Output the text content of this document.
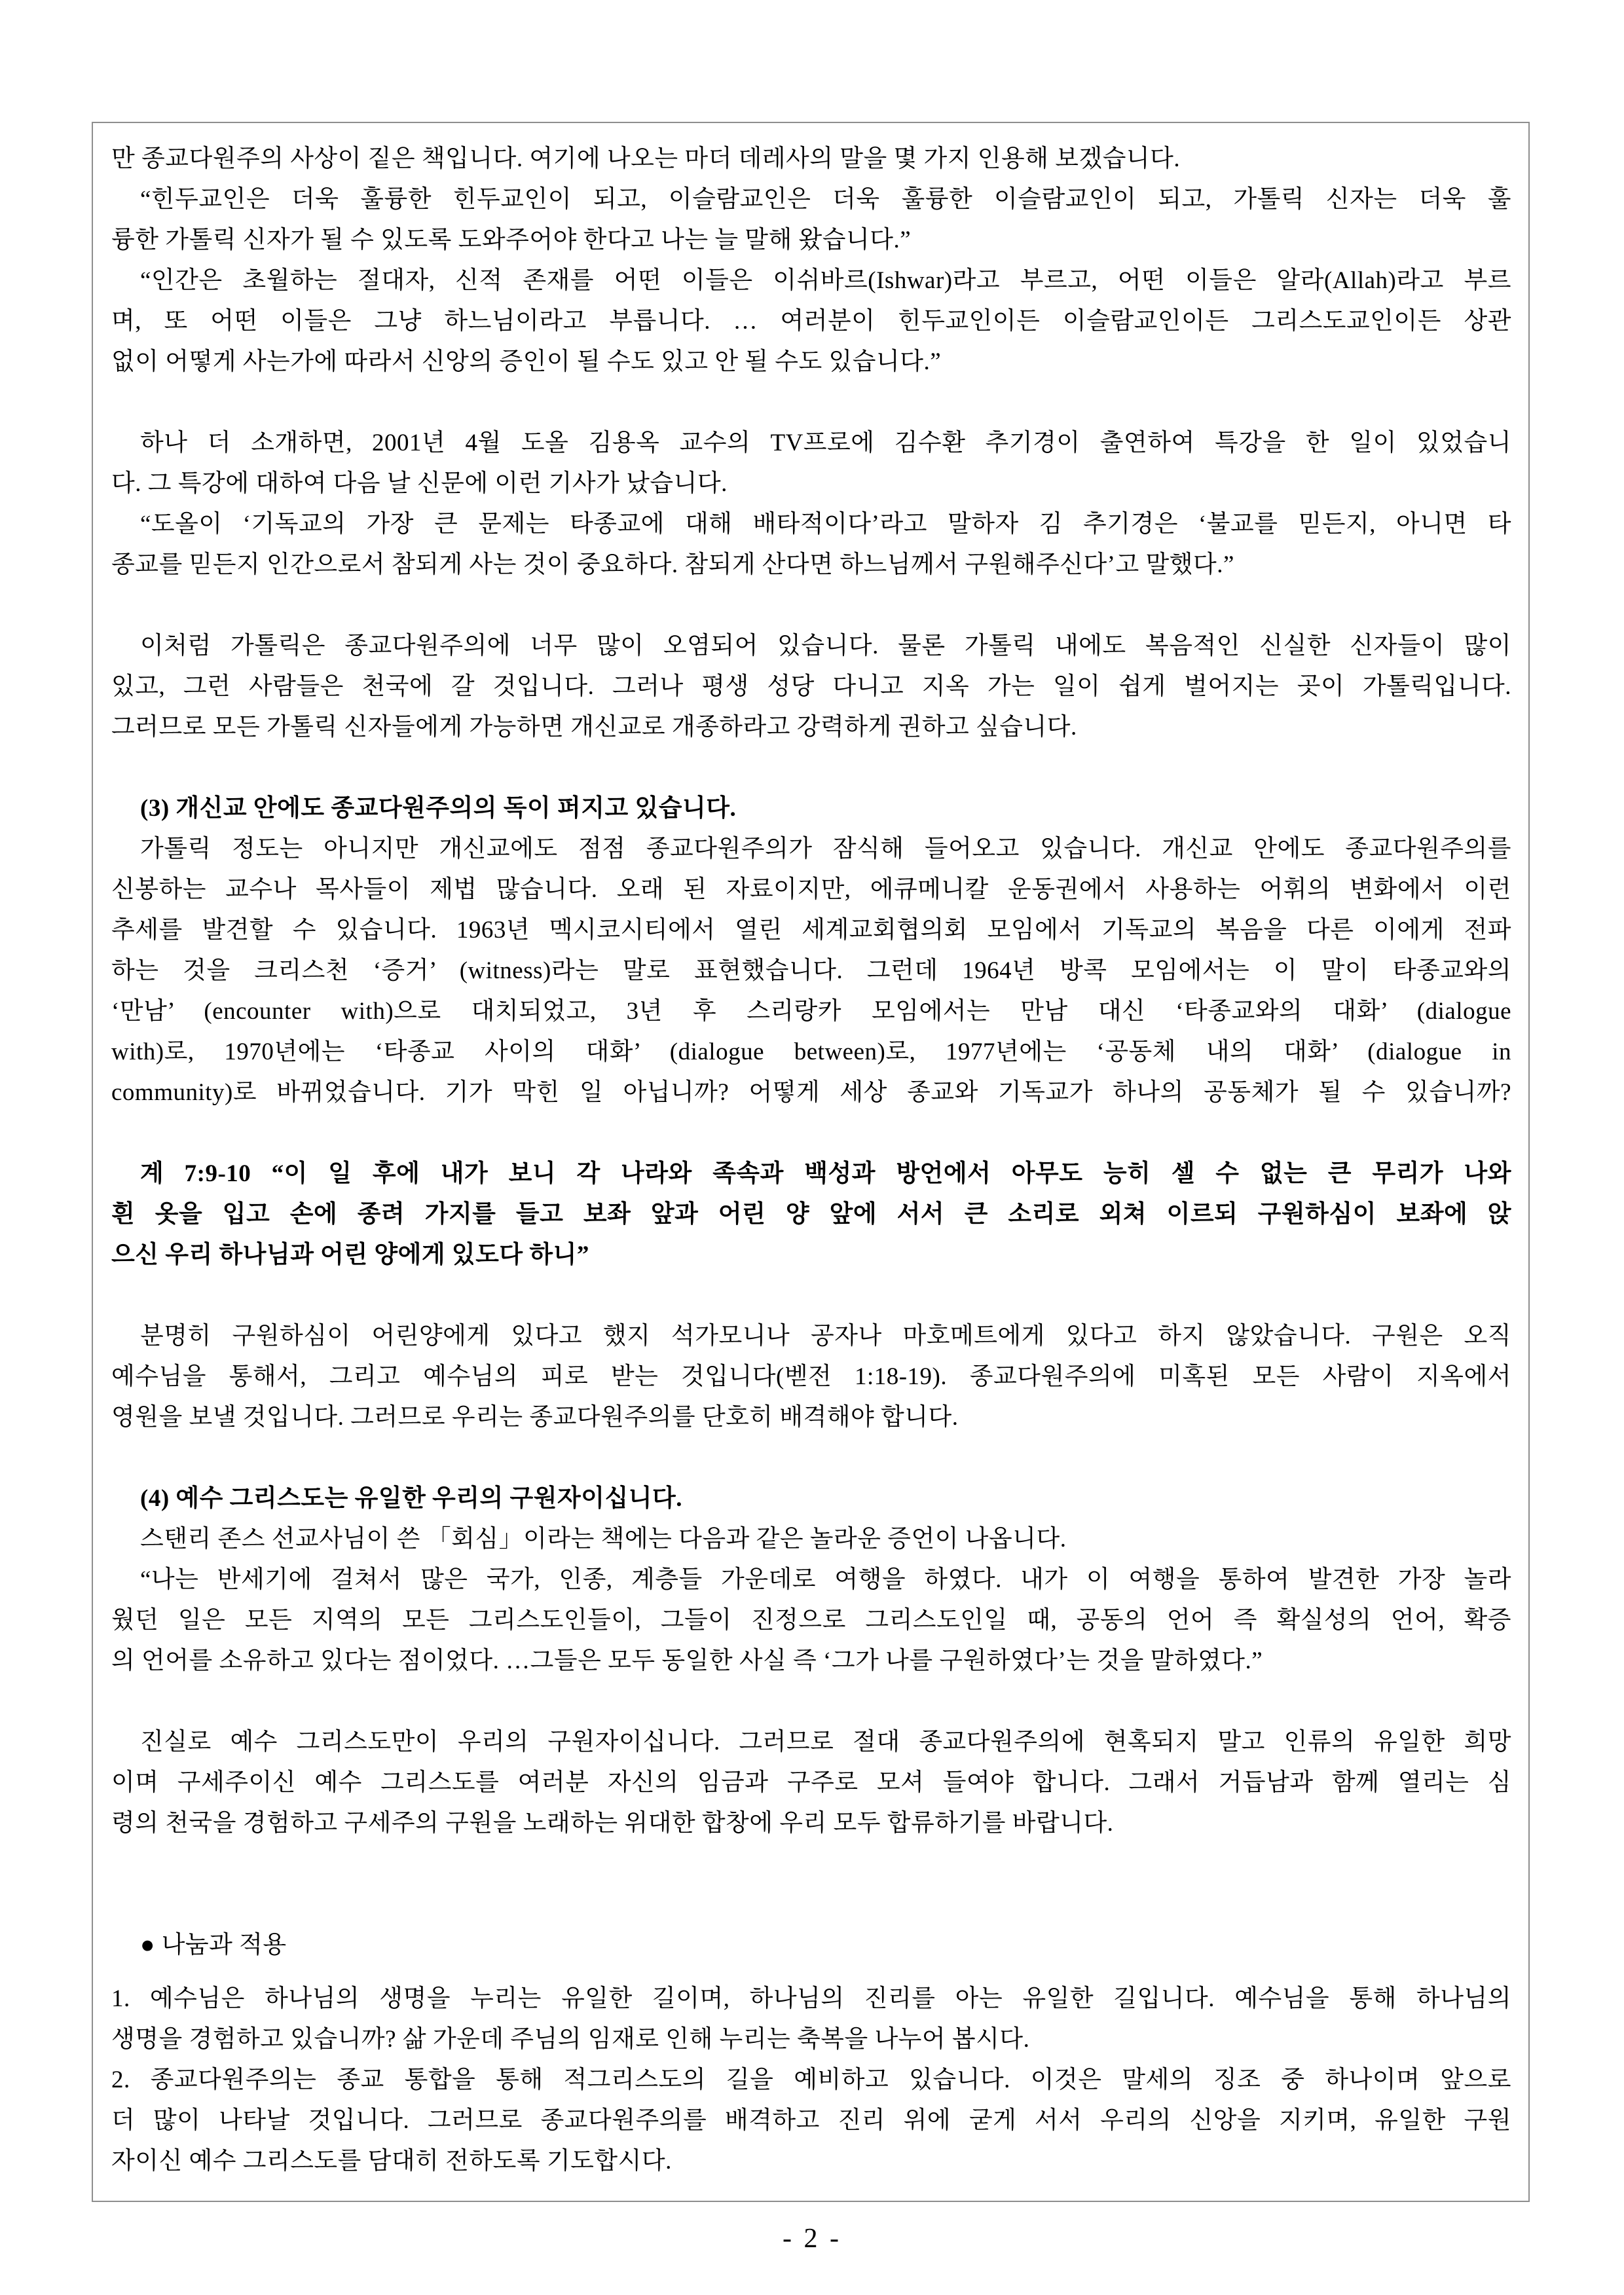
만 종교다원주의 사상이 짙은 책입니다. 여기에 나오는 마더 데레사의 말을 몇 가지 인용해 보겠습니다.
“힌두교인은 더욱 훌륭한 힌두교인이 되고, 이슬람교인은 더욱 훌륭한 이슬람교인이 되고, 가톨릭 신자는 더욱 훌
륭한 가톨릭 신자가 될 수 있도록 도와주어야 한다고 나는 늘 말해 왔습니다.”
“인간은 초월하는 절대자, 신적 존재를 어떤 이들은 이쉬바르(Ishwar)라고 부르고, 어떤 이들은 알라(Allah)라고 부르
며, 또 어떤 이들은 그냥 하느님이라고 부릅니다. … 여러분이 힌두교인이든 이슬람교인이든 그리스도교인이든 상관
없이 어떻게 사는가에 따라서 신앙의 증인이 될 수도 있고 안 될 수도 있습니다.”

하나 더 소개하면, 2001년 4월 도올 김용옥 교수의 TV프로에 김수환 추기경이 출연하여 특강을 한 일이 있었습니
다. 그 특강에 대하여 다음 날 신문에 이런 기사가 났습니다.
“도올이 ‘기독교의 가장 큰 문제는 타종교에 대해 배타적이다’라고 말하자 김 추기경은 ‘불교를 믿든지, 아니면 타
종교를 믿든지 인간으로서 참되게 사는 것이 중요하다. 참되게 산다면 하느님께서 구원해주신다’고 말했다.”

이처럼 가톨릭은 종교다원주의에 너무 많이 오염되어 있습니다. 물론 가톨릭 내에도 복음적인 신실한 신자들이 많이
있고, 그런 사람들은 천국에 갈 것입니다. 그러나 평생 성당 다니고 지옥 가는 일이 쉽게 벌어지는 곳이 가톨릭입니다.
그러므로 모든 가톨릭 신자들에게 가능하면 개신교로 개종하라고 강력하게 권하고 싶습니다.

(3) 개신교 안에도 종교다원주의의 독이 퍼지고 있습니다.
가톨릭 정도는 아니지만 개신교에도 점점 종교다원주의가 잠식해 들어오고 있습니다. 개신교 안에도 종교다원주의를
신봉하는 교수나 목사들이 제법 많습니다. 오래 된 자료이지만, 에큐메니칼 운동권에서 사용하는 어휘의 변화에서 이런
추세를 발견할 수 있습니다. 1963년 멕시코시티에서 열린 세계교회협의회 모임에서 기독교의 복음을 다른 이에게 전파
하는 것을 크리스천 ‘증거’ (witness)라는 말로 표현했습니다. 그런데 1964년 방콕 모임에서는 이 말이 타종교와의
‘만남’ (encounter with)으로 대치되었고, 3년 후 스리랑카 모임에서는 만남 대신 ‘타종교와의 대화’ (dialogue
with)로, 1970년에는 ‘타종교 사이의 대화’ (dialogue between)로, 1977년에는 ‘공동체 내의 대화’ (dialogue in
community)로 바뀌었습니다. 기가 막힌 일 아닙니까? 어떻게 세상 종교와 기독교가 하나의 공동체가 될 수 있습니까?

계 7:9-10 “이 일 후에 내가 보니 각 나라와 족속과 백성과 방언에서 아무도 능히 셀 수 없는 큰 무리가 나와
흰 옷을 입고 손에 종려 가지를 들고 보좌 앞과 어린 양 앞에 서서 큰 소리로 외쳐 이르되 구원하심이 보좌에 앉
으신 우리 하나님과 어린 양에게 있도다 하니”

분명히 구원하심이 어린양에게 있다고 했지 석가모니나 공자나 마호메트에게 있다고 하지 않았습니다. 구원은 오직
예수님을 통해서, 그리고 예수님의 피로 받는 것입니다(벧전 1:18-19). 종교다원주의에 미혹된 모든 사람이 지옥에서
영원을 보낼 것입니다. 그러므로 우리는 종교다원주의를 단호히 배격해야 합니다.

(4) 예수 그리스도는 유일한 우리의 구원자이십니다.
스탠리 존스 선교사님이 쓴 「회심」이라는 책에는 다음과 같은 놀라운 증언이 나옵니다.
“나는 반세기에 걸쳐서 많은 국가, 인종, 계층들 가운데로 여행을 하였다. 내가 이 여행을 통하여 발견한 가장 놀라
웠던 일은 모든 지역의 모든 그리스도인들이, 그들이 진정으로 그리스도인일 때, 공동의 언어 즉 확실성의 언어, 확증
의 언어를 소유하고 있다는 점이었다. …그들은 모두 동일한 사실 즉 ‘그가 나를 구원하였다’는 것을 말하였다.”

진실로 예수 그리스도만이 우리의 구원자이십니다. 그러므로 절대 종교다원주의에 현혹되지 말고 인류의 유일한 희망
이며 구세주이신 예수 그리스도를 여러분 자신의 임금과 구주로 모셔 들여야 합니다. 그래서 거듭남과 함께 열리는 심
령의 천국을 경험하고 구세주의 구원을 노래하는 위대한 합창에 우리 모두 합류하기를 바랍니다.

● 나눔과 적용
1. 예수님은 하나님의 생명을 누리는 유일한 길이며, 하나님의 진리를 아는 유일한 길입니다. 예수님을 통해 하나님의
생명을 경험하고 있습니까? 삶 가운데 주님의 임재로 인해 누리는 축복을 나누어 봅시다.
2. 종교다원주의는 종교 통합을 통해 적그리스도의 길을 예비하고 있습니다. 이것은 말세의 징조 중 하나이며 앞으로
더 많이 나타날 것입니다. 그러므로 종교다원주의를 배격하고 진리 위에 굳게 서서 우리의 신앙을 지키며, 유일한 구원
자이신 예수 그리스도를 담대히 전하도록 기도합시다.
- 2 -
